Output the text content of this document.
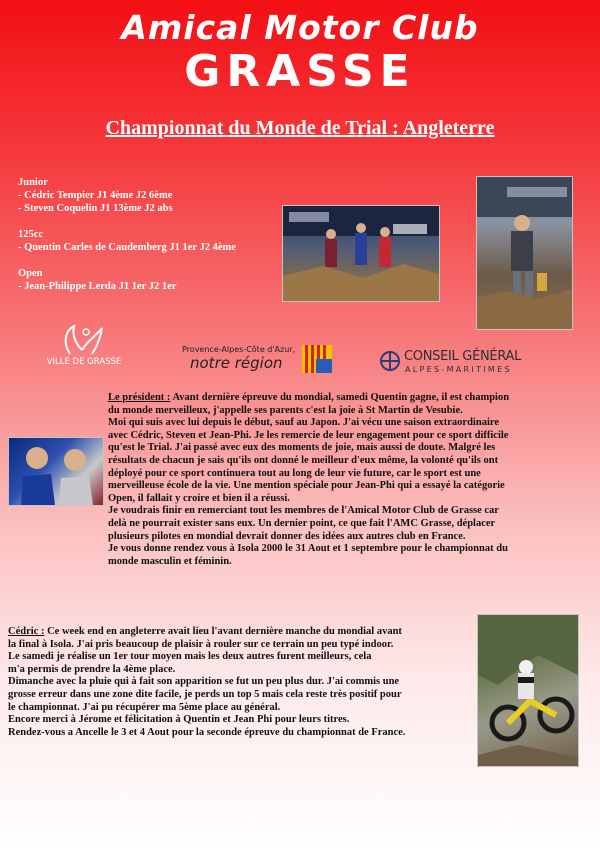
Amical Motor Club
GRASSE
Championnat du Monde de Trial : Angleterre
Junior
- Cédric Tempier J1 4ème J2 6ème
- Steven Coquelin J1 13ème J2 abs
125cc
- Quentin Carles de Caudemberg J1 1er J2 4ème
Open
- Jean-Philippe Lerda J1 1er J2 1er
VILLE DE GRASSE
Provence-Alpes-Côte d'Azur,
notre région	CONSEIL GÉNÉRAL
ALPES-MARITIMES
Le président : Avant dernière épreuve du mondial, samedi Quentin gagne, il est champion
du monde merveilleux, j'appelle ses parents c'est la joie à St Martin de Vesubie.
Moi qui suis avec lui depuis le début, sauf au Japon. J'ai vécu une saison extraordinaire
avec Cédric, Steven et Jean-Phi. Je les remercie de leur engagement pour ce sport difficile
qu'est le Trial. J'ai passé avec eux des moments de joie, mais aussi de doute. Malgré les
résultats de chacun je sais qu'ils ont donné le meilleur d'eux même, la volonté qu'ils ont
déployé pour ce sport continuera tout au long de leur vie future, car le sport est une
merveilleuse école de la vie. Une mention spéciale pour Jean-Phi qui a essayé la catégorie
Open, il fallait y croire et bien il a réussi.
Je voudrais finir en remerciant tout les membres de l'Amical Motor Club de Grasse car
delà ne pourrait exister sans eux. Un dernier point, ce que fait l'AMC Grasse, déplacer
plusieurs pilotes en mondial devrait donner des idées aux autres club en France.
Je vous donne rendez vous à Isola 2000 le 31 Aout et 1 septembre pour le championnat du
monde masculin et féminin.
Cédric : Ce week end en angleterre avait lieu l'avant dernière manche du mondial avant
la final à Isola. J'ai pris beaucoup de plaisir à rouler sur ce terrain un peu typé indoor.
Le samedi je réalise un 1er tour moyen mais les deux autres furent meilleurs, cela
m'a permis de prendre la 4ème place.
Dimanche avec la pluie qui à fait son apparition se fut un peu plus dur. J'ai commis une
grosse erreur dans une zone dite facile, je perds un top 5 mais cela reste très positif pour
le championnat. J'ai pu récupérer ma 5ème place au général.
Encore merci à Jérome et félicitation à Quentin et Jean Phi pour leurs titres.
Rendez-vous a Ancelle le 3 et 4 Aout pour la seconde épreuve du championnat de France.
